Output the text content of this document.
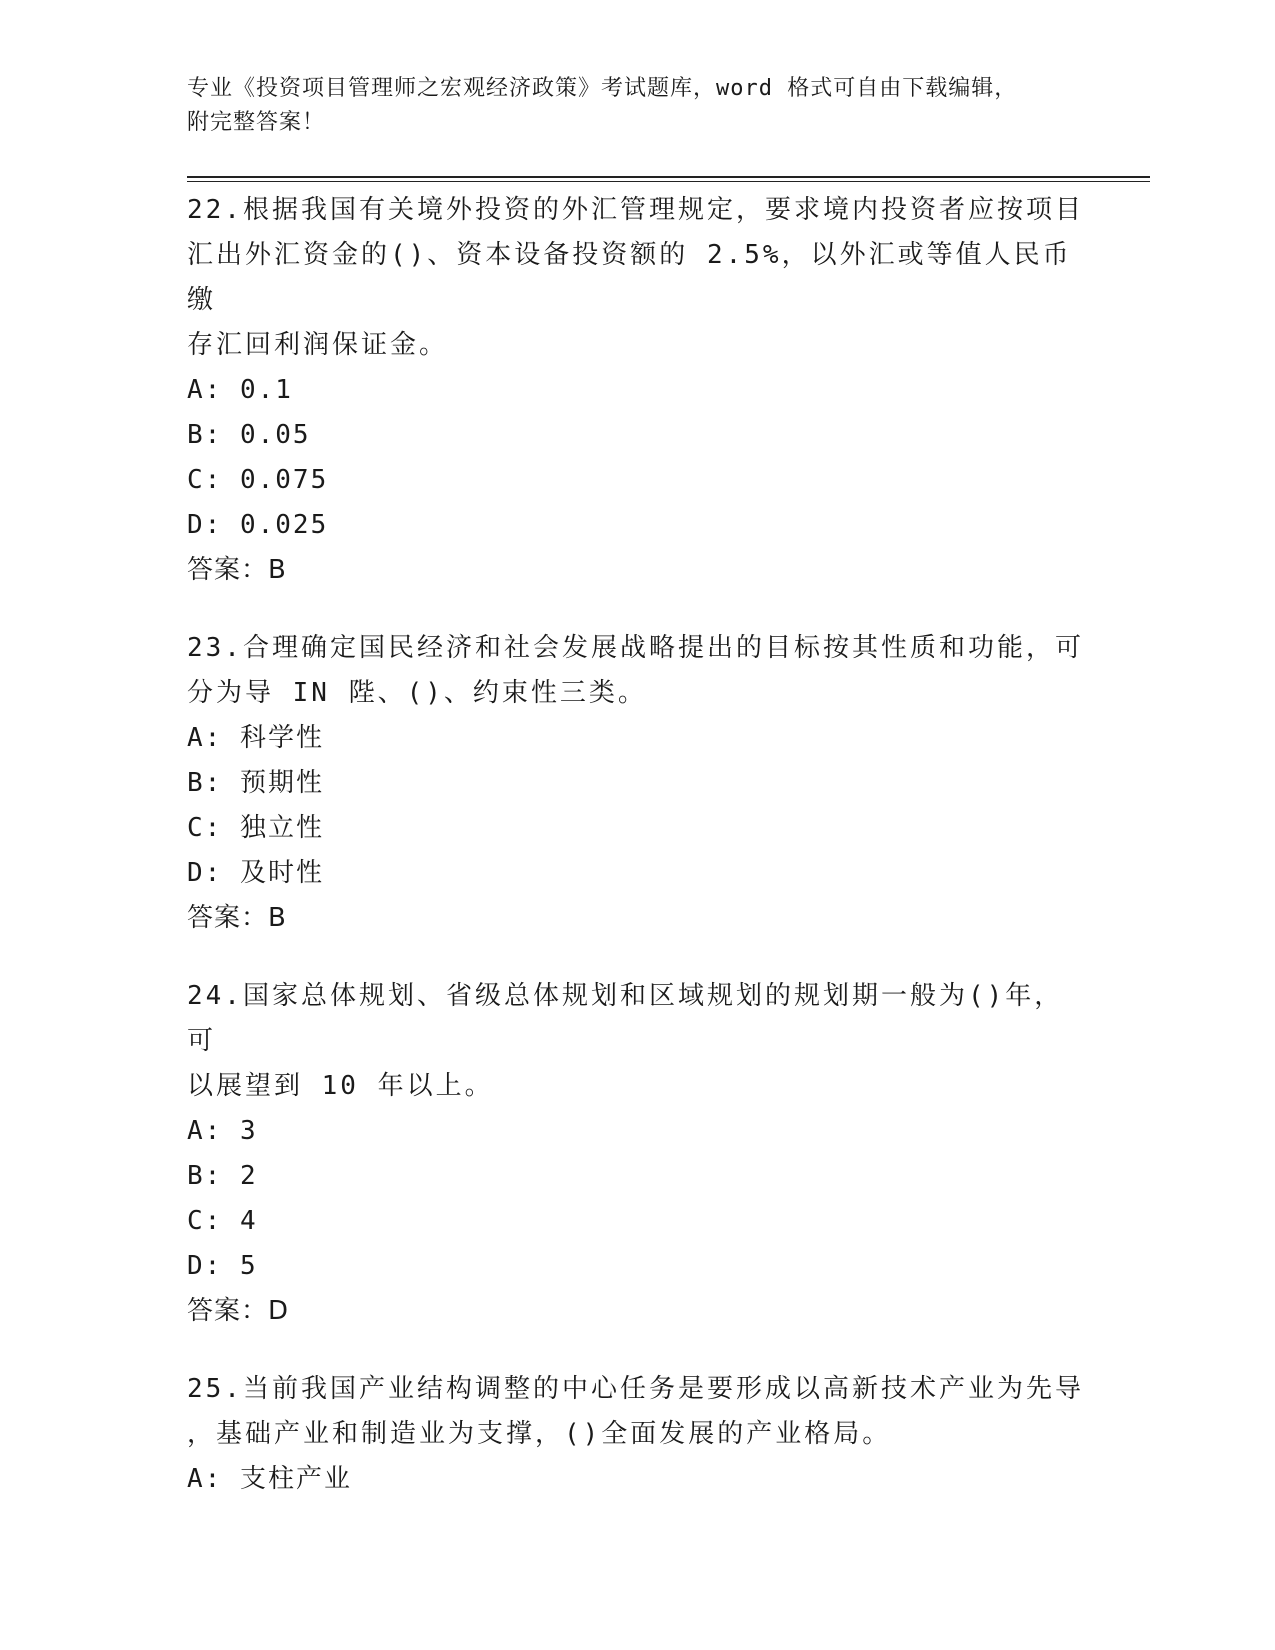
专业《投资项目管理师之宏观经济政策》考试题库，word 格式可自由下载编辑，
附完整答案！
22.根据我国有关境外投资的外汇管理规定，要求境内投资者应按项目
汇出外汇资金的()、资本设备投资额的 2.5%，以外汇或等值人民币缴
存汇回利润保证金。
A: 0.1
B: 0.05
C: 0.075
D: 0.025
答案：B
23.合理确定国民经济和社会发展战略提出的目标按其性质和功能，可
分为导 IN 陛、()、约束性三类。
A: 科学性
B: 预期性
C: 独立性
D: 及时性
答案：B
24.国家总体规划、省级总体规划和区域规划的规划期一般为()年，可
以展望到 10 年以上。
A: 3
B: 2
C: 4
D: 5
答案：D
25.当前我国产业结构调整的中心任务是要形成以高新技术产业为先导
，基础产业和制造业为支撑，()全面发展的产业格局。
A: 支柱产业
